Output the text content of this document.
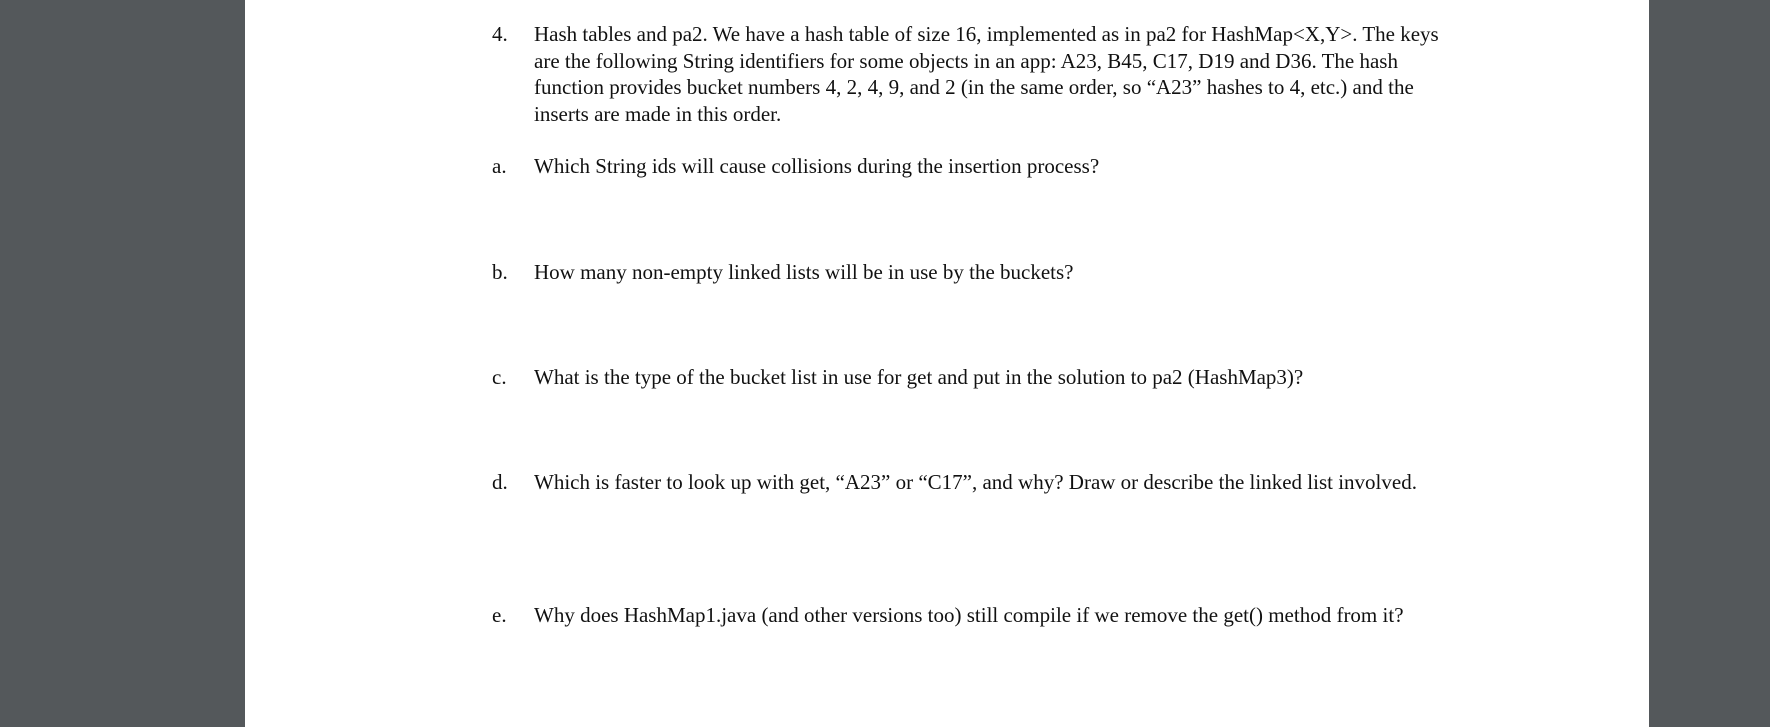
4.	Hash tables and pa2. We have a hash table of size 16, implemented as in pa2 for HashMap<X,Y>. The keys are the following String identifiers for some objects in an app: A23, B45, C17, D19 and D36. The hash function provides bucket numbers 4, 2, 4, 9, and 2 (in the same order, so “A23” hashes to 4, etc.) and the inserts are made in this order.
a.	Which String ids will cause collisions during the insertion process?
b.	How many non-empty linked lists will be in use by the buckets?
c.	What is the type of the bucket list in use for get and put in the solution to pa2 (HashMap3)?
d.	Which is faster to look up with get, “A23” or “C17”, and why? Draw or describe the linked list involved.
e.	Why does HashMap1.java (and other versions too) still compile if we remove the get() method from it?
